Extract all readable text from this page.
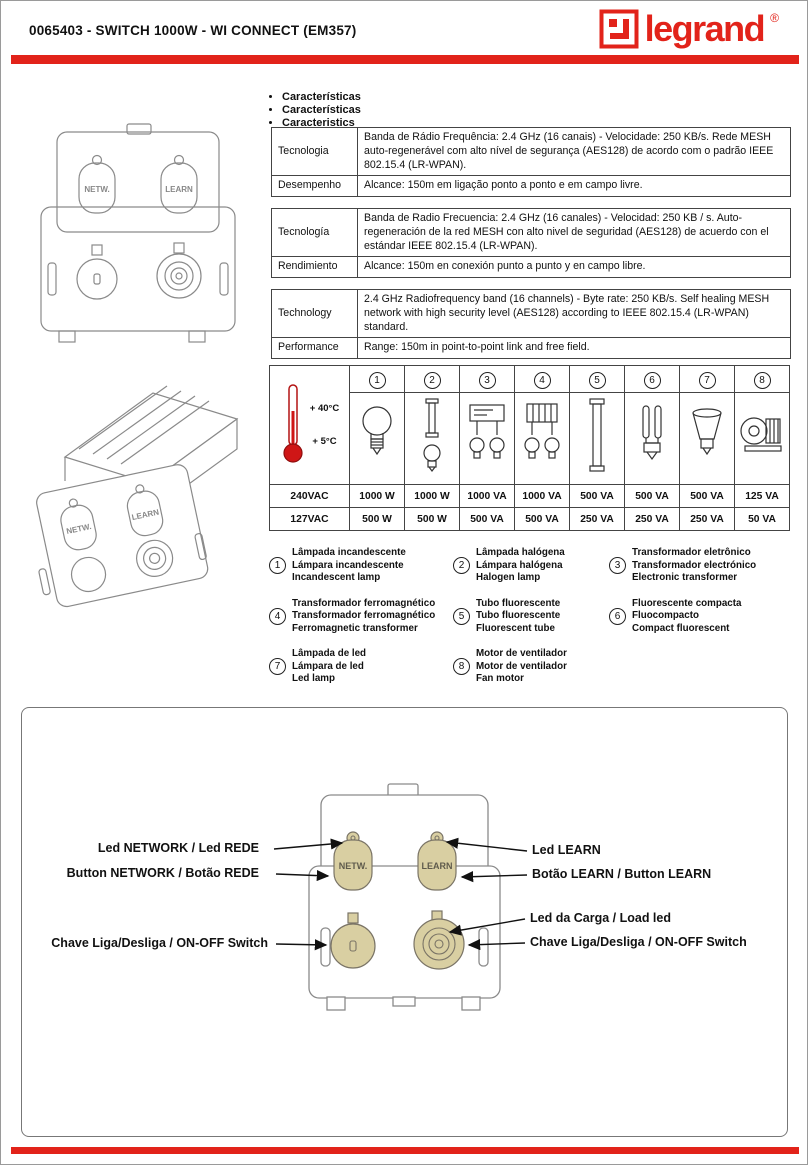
0065403 - SWITCH 1000W - WI CONNECT (EM357)	legrand ®
• Características
• Características
• Caracteristics
NETW.	LEARN
NETW.
LEARN
Tecnologia	Banda de Rádio Frequência: 2.4 GHz (16 canais) - Velocidade: 250 KB/s. Rede MESH auto-regenerável com alto nível de segurança (AES128) de acordo com o padrão IEEE 802.15.4 (LR-WPAN).
Desempenho	Alcance: 150m em ligação ponto a ponto e em campo livre.
Tecnología	Banda de Radio Frecuencia: 2.4 GHz (16 canales) - Velocidad: 250 KB / s. Auto-regeneración de la red MESH con alto nivel de seguridad (AES128) de acuerdo con el estándar IEEE 802.15.4 (LR-WPAN).
Rendimiento	Alcance: 150m en conexión punto a punto y en campo libre.
Technology	2.4 GHz Radiofrequency band (16 channels) - Byte rate: 250 KB/s. Self healing MESH network with high security level (AES128) according to IEEE 802.15.4 (LR-WPAN) standard.
Performance	Range: 150m in point-to-point link and free field.
+ 40°C
+ 5°C	1	2	3	4	5	6	7	8

240VAC	1000 W	1000 W	1000 VA	1000 VA	500 VA	500 VA	500 VA	125 VA
127VAC	500 W	500 W	500 VA	500 VA	250 VA	250 VA	250 VA	50 VA
1
Lâmpada incandescente
Lámpara incandescente
Incandescent lamp
2
Lâmpada halógena
Lámpara halógena
Halogen lamp
3
Transformador eletrônico
Transformador electrónico
Electronic transformer
4
Transformador ferromagnético
Transformador ferromagnético
Ferromagnetic transformer
5
Tubo fluorescente
Tubo fluorescente
Fluorescent tube
6
Fluorescente compacta
Fluocompacto
Compact fluorescent
7
Lâmpada de led
Lámpara de led
Led lamp
8
Motor de ventilador
Motor de ventilador
Fan motor
NETW.	LEARN
Led NETWORK / Led REDE
Button NETWORK / Botão REDE
Chave Liga/Desliga / ON-OFF Switch
Led LEARN
Botão LEARN / Button LEARN
Led da Carga / Load led
Chave Liga/Desliga / ON-OFF Switch
